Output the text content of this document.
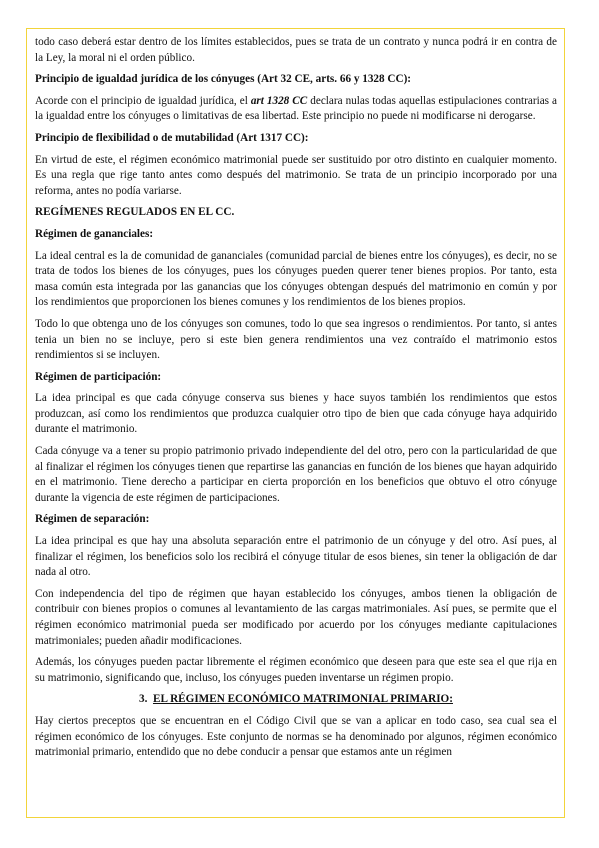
todo caso deberá estar dentro de los límites establecidos, pues se trata de un contrato y nunca podrá ir en contra de la Ley, la moral ni el orden público.

Principio de igualdad jurídica de los cónyuges (Art 32 CE, arts. 66 y 1328 CC):

Acorde con el principio de igualdad jurídica, el art 1328 CC declara nulas todas aquellas estipulaciones contrarias a la igualdad entre los cónyuges o limitativas de esa libertad. Este principio no puede ni modificarse ni derogarse.

Principio de flexibilidad o de mutabilidad (Art 1317 CC):

En virtud de este, el régimen económico matrimonial puede ser sustituido por otro distinto en cualquier momento. Es una regla que rige tanto antes como después del matrimonio. Se trata de un principio incorporado por una reforma, antes no podía variarse.

REGÍMENES REGULADOS EN EL CC.
Régimen de gananciales:

La ideal central es la de comunidad de gananciales (comunidad parcial de bienes entre los cónyuges), es decir, no se trata de todos los bienes de los cónyuges, pues los cónyuges pueden querer tener bienes propios. Por tanto, esta masa común esta integrada por las ganancias que los cónyuges obtengan después del matrimonio en común y por los rendimientos que proporcionen los bienes comunes y los rendimientos de los bienes propios.

Todo lo que obtenga uno de los cónyuges son comunes, todo lo que sea ingresos o rendimientos. Por tanto, si antes tenia un bien no se incluye, pero si este bien genera rendimientos una vez contraído el matrimonio estos rendimientos si se incluyen.

Régimen de participación:

La idea principal es que cada cónyuge conserva sus bienes y hace suyos también los rendimientos que estos produzcan, así como los rendimientos que produzca cualquier otro tipo de bien que cada cónyuge haya adquirido durante el matrimonio.

Cada cónyuge va a tener su propio patrimonio privado independiente del del otro, pero con la particularidad de que al finalizar el régimen los cónyuges tienen que repartirse las ganancias en función de los bienes que hayan adquirido en el matrimonio. Tiene derecho a participar en cierta proporción en los beneficios que obtuvo el otro cónyuge durante la vigencia de este régimen de participaciones.

Régimen de separación:

La idea principal es que hay una absoluta separación entre el patrimonio de un cónyuge y del otro. Así pues, al finalizar el régimen, los beneficios solo los recibirá el cónyuge titular de esos bienes, sin tener la obligación de dar nada al otro.

Con independencia del tipo de régimen que hayan establecido los cónyuges, ambos tienen la obligación de contribuir con bienes propios o comunes al levantamiento de las cargas matrimoniales. Así pues, se permite que el régimen económico matrimonial pueda ser modificado por acuerdo por los cónyuges mediante capitulaciones matrimoniales; pueden añadir modificaciones.

Además, los cónyuges pueden pactar libremente el régimen económico que deseen para que este sea el que rija en su matrimonio, significando que, incluso, los cónyuges pueden inventarse un régimen propio.

3. EL RÉGIMEN ECONÓMICO MATRIMONIAL PRIMARIO:

Hay ciertos preceptos que se encuentran en el Código Civil que se van a aplicar en todo caso, sea cual sea el régimen económico de los cónyuges. Este conjunto de normas se ha denominado por algunos, régimen económico matrimonial primario, entendido que no debe conducir a pensar que estamos ante un régimen
